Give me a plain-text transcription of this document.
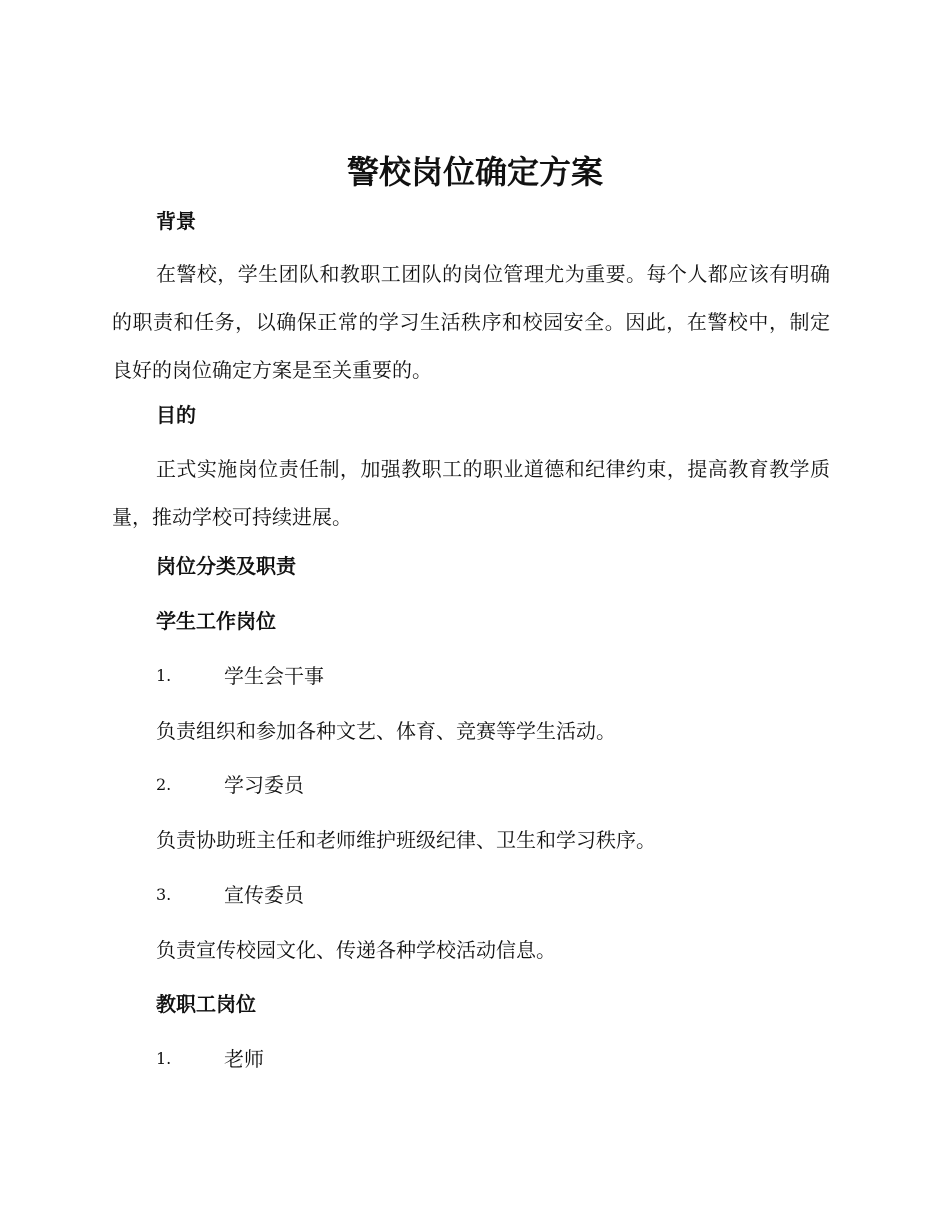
警校岗位确定方案
背景

在警校，学生团队和教职工团队的岗位管理尤为重要。每个人都应该有明确的职责和任务，以确保正常的学习生活秩序和校园安全。因此，在警校中，制定良好的岗位确定方案是至关重要的。

目的

正式实施岗位责任制，加强教职工的职业道德和纪律约束，提高教育教学质量，推动学校可持续进展。

岗位分类及职责
学生工作岗位
1.	学生会干事

负责组织和参加各种文艺、体育、竞赛等学生活动。

2.	学习委员

负责协助班主任和老师维护班级纪律、卫生和学习秩序。

3.	宣传委员

负责宣传校园文化、传递各种学校活动信息。

教职工岗位
1.	老师
